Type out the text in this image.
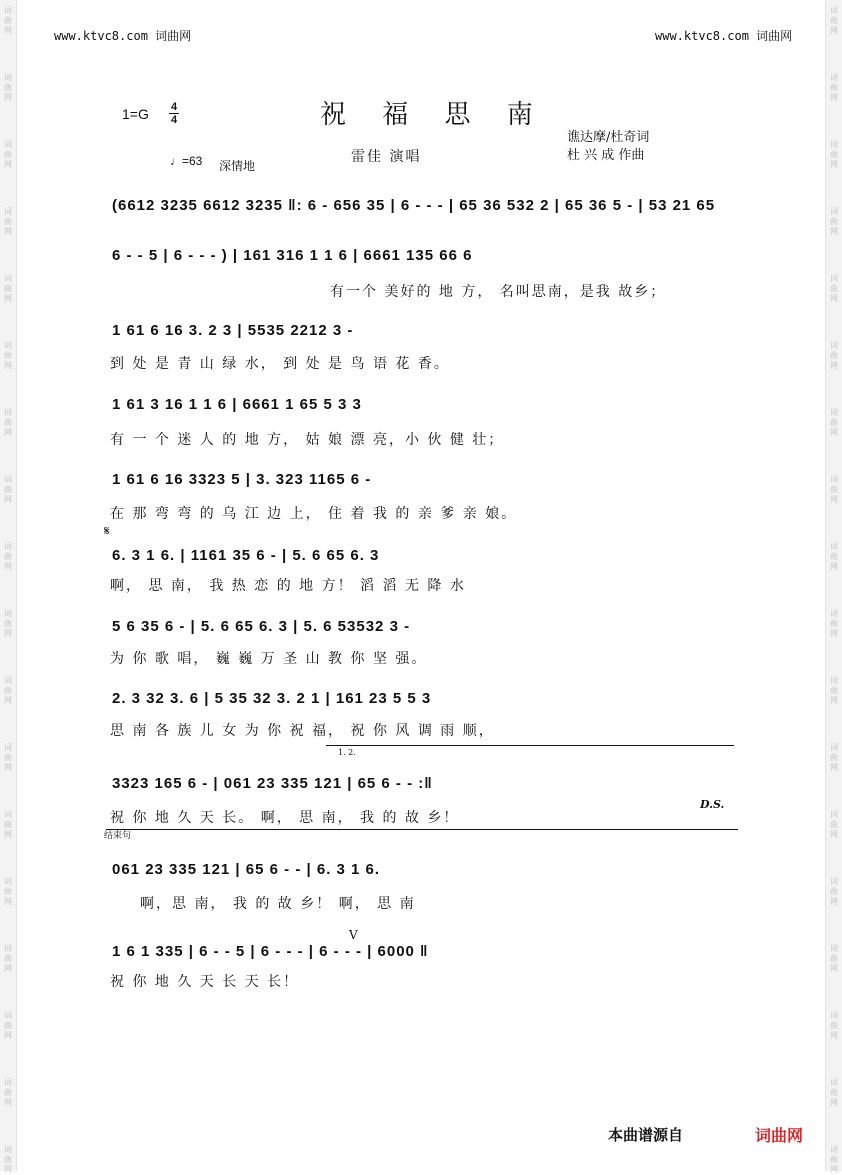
词
曲
网
词
曲
网
词
曲
网
词
曲
网
词
曲
网
词
曲
网
词
曲
网
词
曲
网
词
曲
网
词
曲
网
词
曲
网
词
曲
网
词
曲
网
词
曲
网
词
曲
网
词
曲
网
词
曲
网
词
曲
网
词
曲
网
词
曲
网
词
曲
网
词
曲
网
词
曲
网
词
曲
网
词
曲
网
词
曲
网
词
曲
网
词
曲
网
词
曲
网
词
曲
网
词
曲
网
词
曲
网
词
曲
网
词
曲
网
词
曲
网
词
曲
网
www.ktvc8.com 词曲网	www.ktvc8.com 词曲网
1=G 4
4	祝 福 思 南
谯达摩/杜奇词
杜 兴 成 作曲
雷佳 演唱
♩=63 深情地
(6612 3235 6612 3235 ‖: 6 - 656 35 | 6 - - - | 65 36 532 2 | 65 36 5 - | 53 21 65
6 - - 5 | 6 - - - ) | 161 316 1 1 6 | 6661 135 66 6
有一个 美好的 地 方， 名叫思南，是我 故乡；
1 61 6 16 3. 2 3 | 5535 2212 3 -
到 处 是 青 山 绿 水， 到 处 是 鸟 语 花 香。
1 61 3 16 1 1 6 | 6661 1 65 5 3 3
有 一 个 迷 人 的 地 方， 姑 娘 漂 亮，小 伙 健 壮；
1 61 6 16 3323 5 | 3. 323 1165 6 -
在 那 弯 弯 的 乌 江 边 上， 住 着 我 的 亲 爹 亲 娘。
𝄋
6. 3 1 6. | 1161 35 6 - | 5. 6 65 6. 3
啊， 思 南， 我 热 恋 的 地 方！ 滔 滔 无 降 水
5 6 35 6 - | 5. 6 65 6. 3 | 5. 6 53532 3 -
为 你 歌 唱， 巍 巍 万 圣 山 教 你 坚 强。
2. 3 32 3. 6 | 5 35 32 3. 2 1 | 161 23 5 5 3
思 南 各 族 儿 女 为 你 祝 福， 祝 你 风 调 雨 顺，
1. 2.
3323 165 6 - | 061 23 335 121 | 65 6 - - :‖
D.S.
祝 你 地 久 天 长。 啊， 思 南， 我 的 故 乡！
结束句
061 23 335 121 | 65 6 - - | 6. 3 1 6.
啊，思 南， 我 的 故 乡！ 啊， 思 南
V
1 6 1 335 | 6 - - 5 | 6 - - - | 6 - - - | 6000 ‖
祝 你 地 久 天 长 天 长！
本曲谱源自	词曲网
